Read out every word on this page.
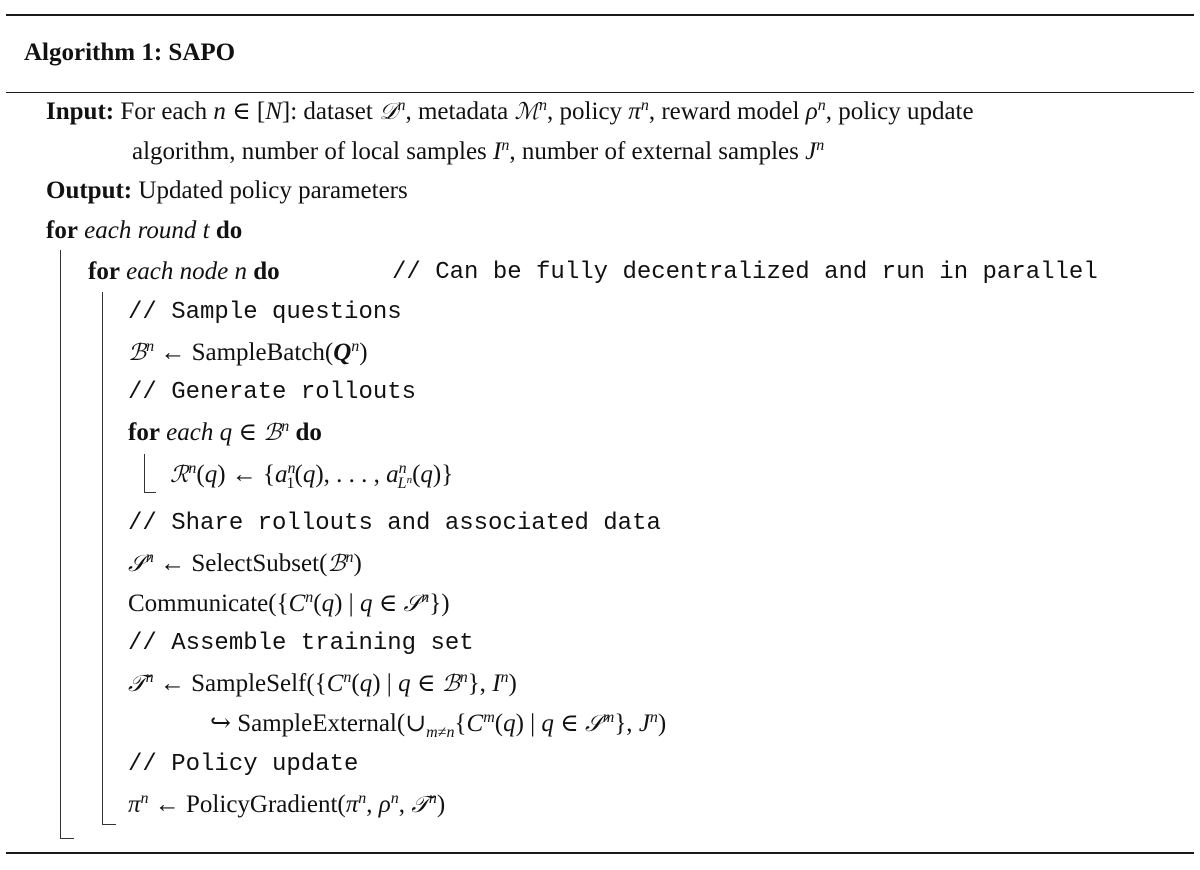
Algorithm 1: SAPO
Input: For each n ∈ [N]: dataset 𝒟$^n$, metadata ℳ$^n$, policy $\pi^n$, reward model $\rho^n$, policy update
algorithm, number of local samples $I^n$, number of external samples $J^n$
Output: Updated policy parameters
for each round t do
for each node n do	// Can be fully decentralized and run in parallel
// Sample questions
ℬ$^n$ ← $SampleBatch(Q^n)$
// Generate rollouts
for each q ∈ ℬ$^n$ do
ℛ$^n$(q) ← {$a^n_1(q)$, . . . , $a^n_{L^n}(q)$}
// Share rollouts and associated data
𝒮$^n$ ← SelectSubset(ℬ$^n$)
$Communicate(\{C^n(q)$ | q ∈ 𝒮$^n$})
// Assemble training set
𝒯$^n$ ← $SampleSelf(\{C^n(q)$ | q ∈ ℬ$^n$}, $I^n$)
↪ $SampleExternal(\cup_{m\ne n}\{C^m(q)$ | q ∈ 𝒮$^m$}, $J^n$)
// Policy update
$\pi^n$ ← $PolicyGradient(\pi^n$, $\rho^n$, 𝒯$^n$)
